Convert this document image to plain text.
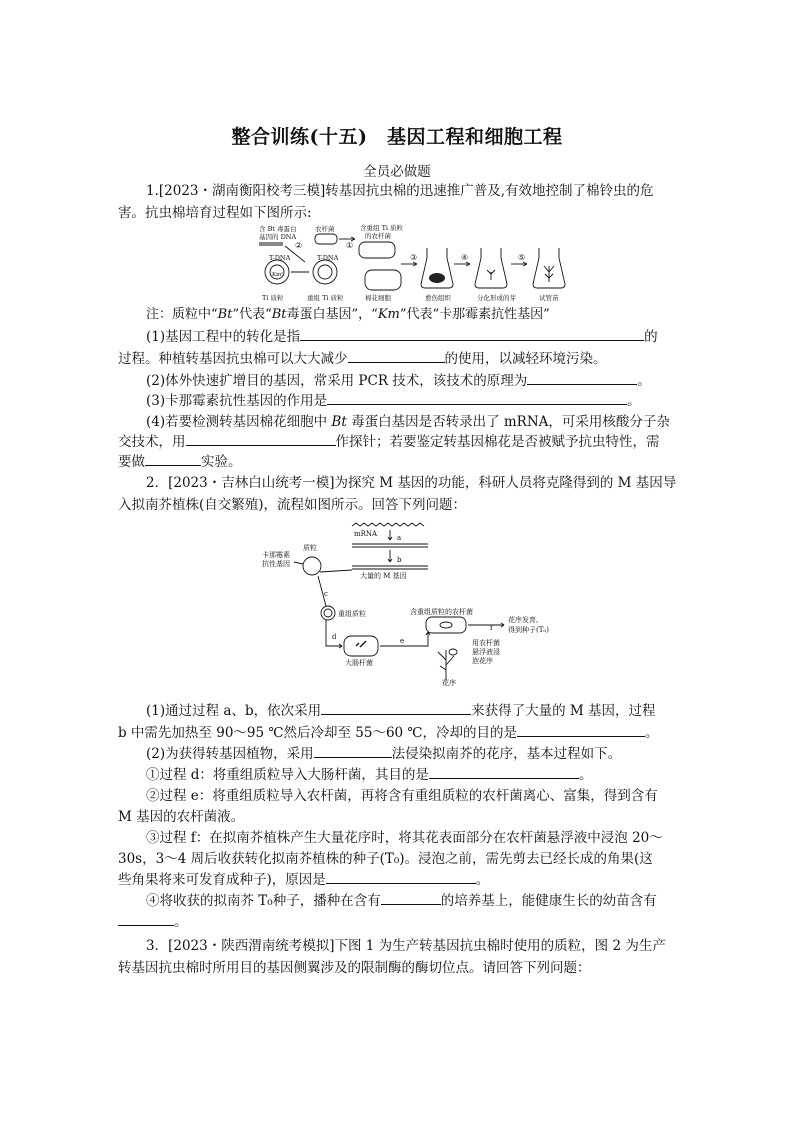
整合训练(十五)　基因工程和细胞工程
全员必做题
1.[2023・湖南衡阳校考三模]转基因抗虫棉的迅速推广普及,有效地控制了棉铃虫的危
害。抗虫棉培育过程如下图所示:
含 Bt 毒蛋白
基因的 DNA
农杆菌	含重组 Ti 质粒
的农杆菌
T-DNA	T-DNA
Kmʳ
Ti 质粒	重组 Ti 质粒	棉花细胞	愈伤组织	分化形成的芽	试管苗
①
②
③	④	⑤
注：质粒中“Bt”代表“Bt毒蛋白基因”，“Km”代表“卡那霉素抗性基因”
(1)基因工程中的转化是指	的
过程。种植转基因抗虫棉可以大大减少	的使用，以减轻环境污染。
(2)体外快速扩增目的基因，常采用 PCR 技术，该技术的原理为	。
(3)卡那霉素抗性基因的作用是	。
(4)若要检测转基因棉花细胞中 Bt 毒蛋白基因是否转录出了 mRNA，可采用核酸分子杂
交技术，用	作探针；若要鉴定转基因棉花是否被赋予抗虫特性，需
要做	实验。
2．[2023・吉林白山统考一模]为探究 M 基因的功能，科研人员将克隆得到的 M 基因导
入拟南芥植株(自交繁殖)，流程如图所示。回答下列问题：
mRNA	a
b
大量的 M 基因
卡那霉素
抗性基因
质粒
c
重组质粒
d
大肠杆菌
e
含重组质粒的农杆菌
f
花序发育,
得到种子(T₀)
用农杆菌
悬浮液浸
泡花序
花序
(1)通过过程 a、b，依次采用	来获得了大量的 M 基因，过程
b 中需先加热至 90～95 ℃然后冷却至 55～60 ℃，冷却的目的是	。
(2)为获得转基因植物，采用	法侵染拟南芥的花序，基本过程如下。
①过程 d：将重组质粒导入大肠杆菌，其目的是	。
②过程 e：将重组质粒导入农杆菌，再将含有重组质粒的农杆菌离心、富集，得到含有
M 基因的农杆菌液。
③过程 f：在拟南芥植株产生大量花序时，将其花表面部分在农杆菌悬浮液中浸泡 20～
30s，3～4 周后收获转化拟南芥植株的种子(T₀)。浸泡之前，需先剪去已经长成的角果(这
些角果将来可发育成种子)，原因是	。
④将收获的拟南芥 T₀种子，播种在含有	的培养基上，能健康生长的幼苗含有
。
3．[2023・陕西渭南统考模拟]下图 1 为生产转基因抗虫棉时使用的质粒，图 2 为生产
转基因抗虫棉时所用目的基因侧翼涉及的限制酶的酶切位点。请回答下列问题：
